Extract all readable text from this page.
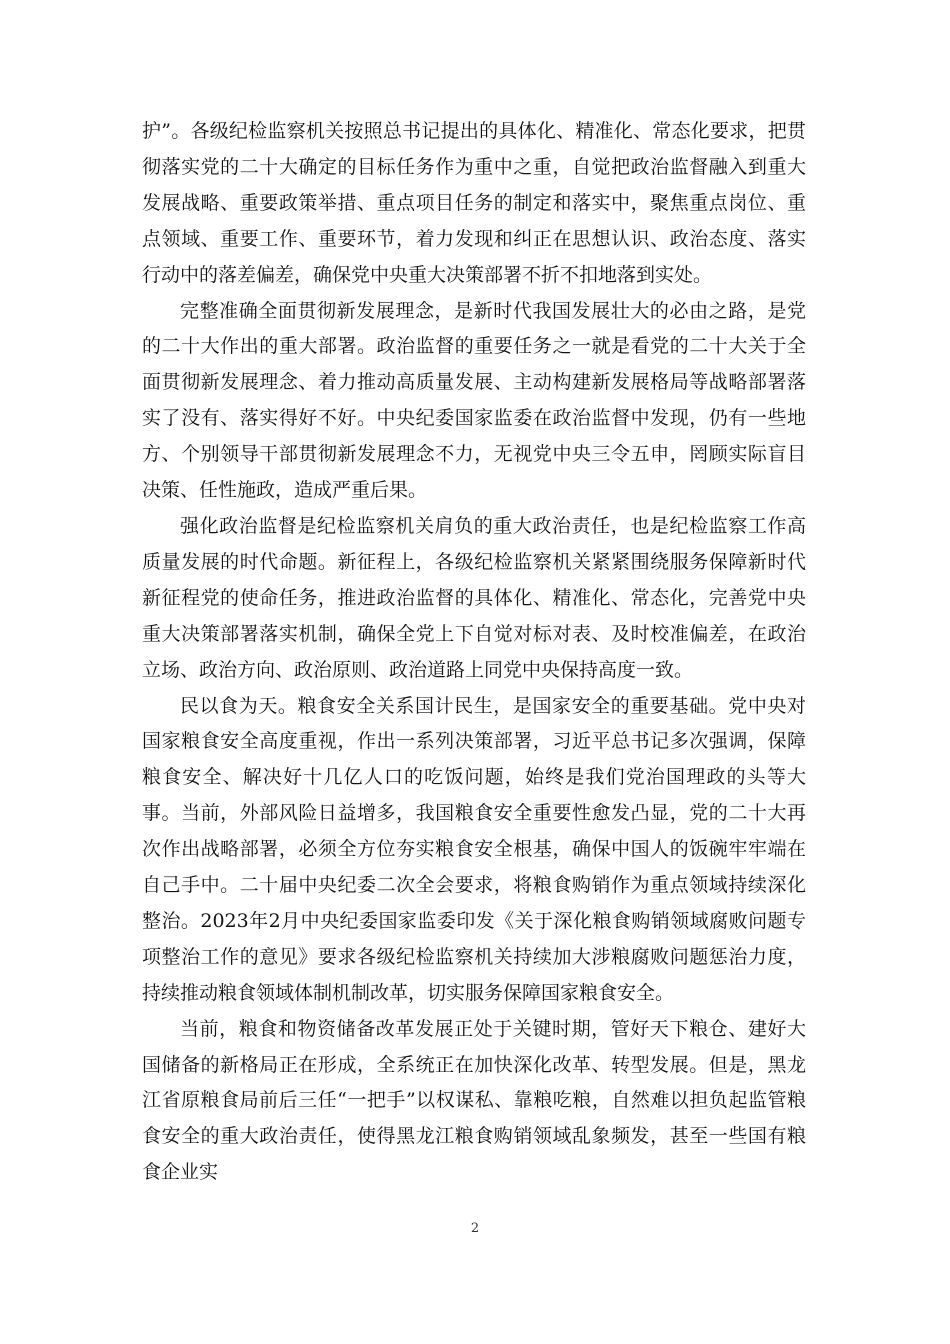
护”。各级纪检监察机关按照总书记提出的具体化、精准化、常态化要求，把贯彻落实党的二十大确定的目标任务作为重中之重，自觉把政治监督融入到重大发展战略、重要政策举措、重点项目任务的制定和落实中，聚焦重点岗位、重点领域、重要工作、重要环节，着力发现和纠正在思想认识、政治态度、落实行动中的落差偏差，确保党中央重大决策部署不折不扣地落到实处。

完整准确全面贯彻新发展理念，是新时代我国发展壮大的必由之路，是党的二十大作出的重大部署。政治监督的重要任务之一就是看党的二十大关于全面贯彻新发展理念、着力推动高质量发展、主动构建新发展格局等战略部署落实了没有、落实得好不好。中央纪委国家监委在政治监督中发现，仍有一些地方、个别领导干部贯彻新发展理念不力，无视党中央三令五申，罔顾实际盲目决策、任性施政，造成严重后果。

强化政治监督是纪检监察机关肩负的重大政治责任，也是纪检监察工作高质量发展的时代命题。新征程上，各级纪检监察机关紧紧围绕服务保障新时代新征程党的使命任务，推进政治监督的具体化、精准化、常态化，完善党中央重大决策部署落实机制，确保全党上下自觉对标对表、及时校准偏差，在政治立场、政治方向、政治原则、政治道路上同党中央保持高度一致。

民以食为天。粮食安全关系国计民生，是国家安全的重要基础。党中央对国家粮食安全高度重视，作出一系列决策部署，习近平总书记多次强调，保障粮食安全、解决好十几亿人口的吃饭问题，始终是我们党治国理政的头等大事。当前，外部风险日益增多，我国粮食安全重要性愈发凸显，党的二十大再次作出战略部署，必须全方位夯实粮食安全根基，确保中国人的饭碗牢牢端在自己手中。二十届中央纪委二次全会要求，将粮食购销作为重点领域持续深化整治。2023年2月中央纪委国家监委印发《关于深化粮食购销领域腐败问题专项整治工作的意见》要求各级纪检监察机关持续加大涉粮腐败问题惩治力度，持续推动粮食领域体制机制改革，切实服务保障国家粮食安全。

当前，粮食和物资储备改革发展正处于关键时期，管好天下粮仓、建好大国储备的新格局正在形成，全系统正在加快深化改革、转型发展。但是，黑龙江省原粮食局前后三任“一把手”以权谋私、靠粮吃粮，自然难以担负起监管粮食安全的重大政治责任，使得黑龙江粮食购销领域乱象频发，甚至一些国有粮食企业实

2
